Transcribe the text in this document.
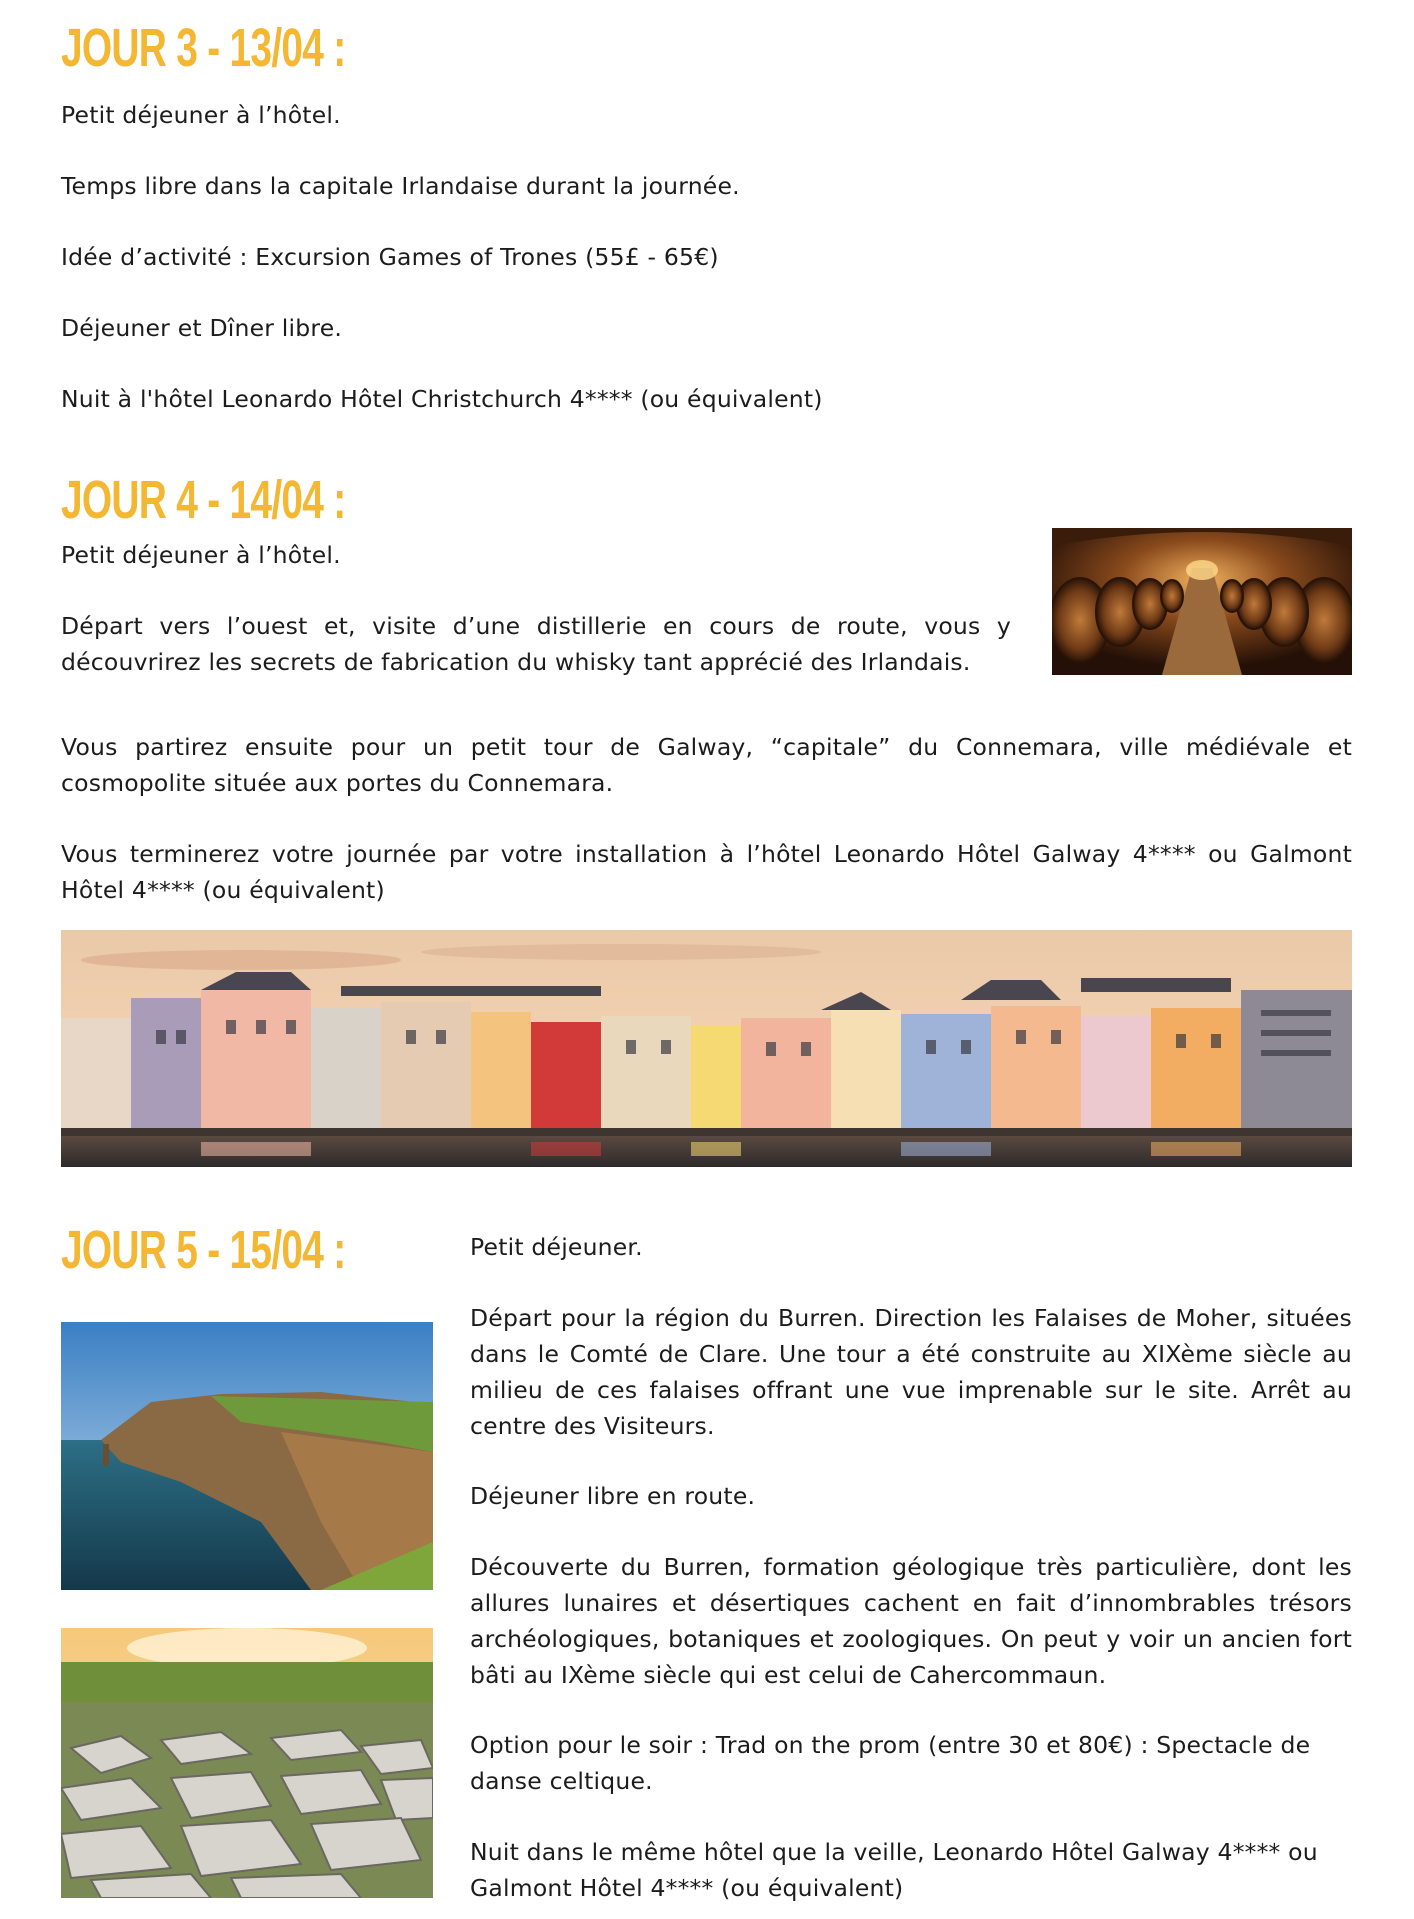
JOUR 3 - 13/04 :

Petit déjeuner à l’hôtel.

Temps libre dans la capitale Irlandaise durant la journée.

Idée d’activité : Excursion Games of Trones (55£ - 65€)

Déjeuner et Dîner libre.

Nuit à l'hôtel Leonardo Hôtel Christchurch 4**** (ou équivalent)

JOUR 4 - 14/04 :

Petit déjeuner à l’hôtel.

Départ vers l’ouest et, visite d’une distillerie en cours de route, vous y découvrirez les secrets de fabrication du whisky tant apprécié des Irlandais.

Vous partirez ensuite pour un petit tour de Galway, “capitale” du Connemara, ville médiévale et cosmopolite située aux portes du Connemara.

Vous terminerez votre journée par votre installation à l’hôtel Leonardo Hôtel Galway 4**** ou Galmont Hôtel 4**** (ou équivalent)

JOUR 5 - 15/04 :	Petit déjeuner.

Départ pour la région du Burren. Direction les Falaises de Moher, situées dans le Comté de Clare. Une tour a été construite au XIXème siècle au milieu de ces falaises offrant une vue imprenable sur le site. Arrêt au centre des Visiteurs.

Déjeuner libre en route.

Découverte du Burren, formation géologique très particulière, dont les allures lunaires et désertiques cachent en fait d’innombrables trésors archéologiques, botaniques et zoologiques. On peut y voir un ancien fort bâti au IXème siècle qui est celui de Cahercommaun.

Option pour le soir : Trad on the prom (entre 30 et 80€) : Spectacle de danse celtique.

Nuit dans le même hôtel que la veille, Leonardo Hôtel Galway 4**** ou Galmont Hôtel 4**** (ou équivalent)
